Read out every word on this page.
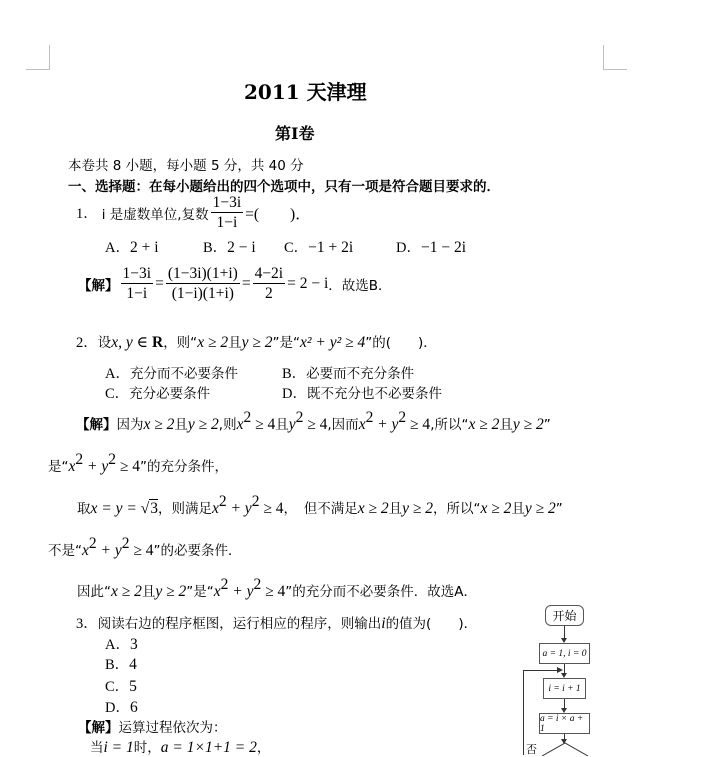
2011 天津理
第I卷
本卷共 8 小题，每小题 5 分，共 40 分
一、选择题：在每小题给出的四个选项中，只有一项是符合题目要求的．
1． i 是虚数单位,复数 $\frac{1-3i}{1-i}$ =(　　)．
A．2 + i	B．2 − i C．−1 + 2i	D．−1 − 2i
【解】 $\frac{1-3i}{1-i} = \frac{(1-3i)(1+i)}{(1-i)(1+i)} = \frac{4-2i}{2} = 2 - i$ ．故选B．
2．设x, y ∈ R，则“x ≥ 2且y ≥ 2”是“x² + y² ≥ 4”的(　　)．
A．充分而不必要条件	B．必要而不充分条件
C．充分必要条件	D．既不充分也不必要条件
【解】因为x ≥ 2且y ≥ 2,则$x^2 \ge 4$且$y^2 \ge 4$,因而$x^2 + y^2 \ge 4$,所以“x ≥ 2且y ≥ 2”
是“$x^2 + y^2 \ge 4$”的充分条件，
取x = y = √3，则满足$x^2 + y^2 \ge 4$，　但不满足x ≥ 2且y ≥ 2，所以“x ≥ 2且y ≥ 2”
不是“$x^2 + y^2 \ge 4$”的必要条件．
因此“x ≥ 2且y ≥ 2”是“$x^2 + y^2 \ge 4$”的充分而不必要条件．故选A．
3．阅读右边的程序框图，运行相应的程序，则输出i的值为(　　)．
A．3
B．4
C．5
D．6
【解】运算过程依次为：
当i = 1时，a = 1×1+1 = 2，
开始
a = 1, i = 0
i = i + 1
a = i × a + 1
否
